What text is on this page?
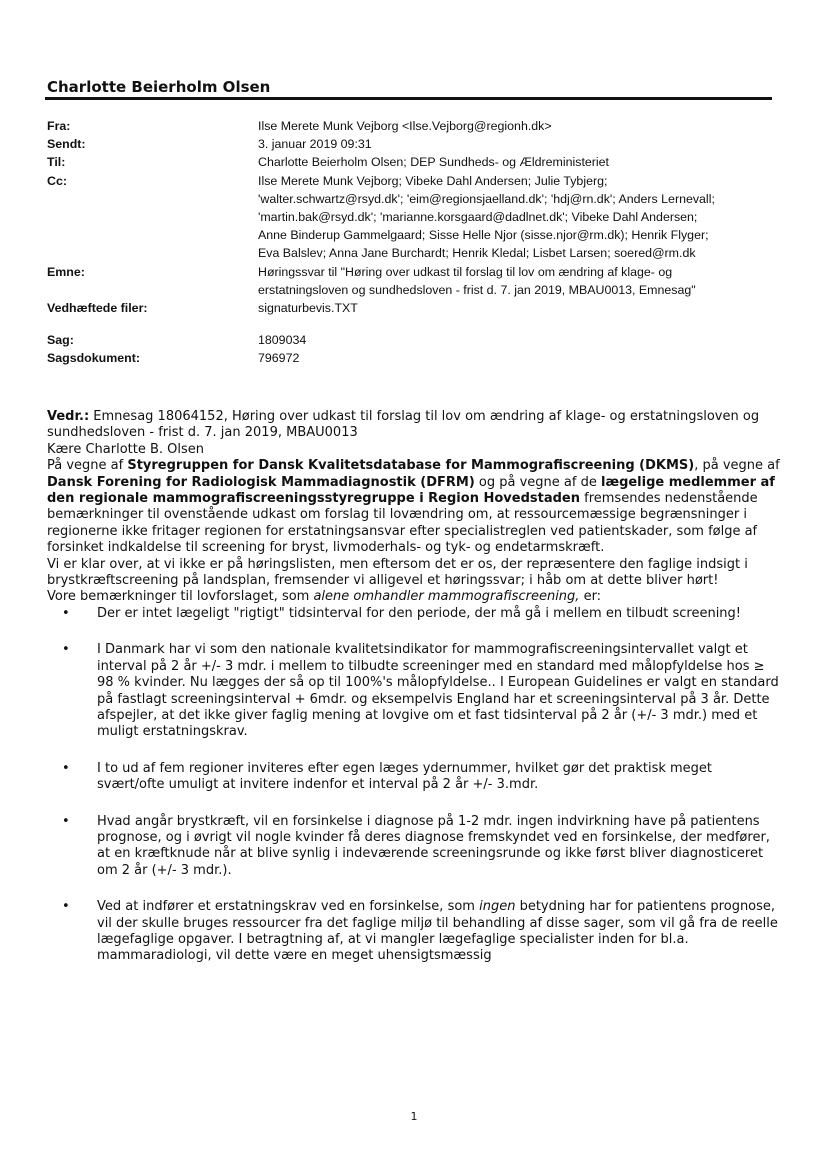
Charlotte Beierholm Olsen
Fra:	Ilse Merete Munk Vejborg <Ilse.Vejborg@regionh.dk>
Sendt:	3. januar 2019 09:31
Til:	Charlotte Beierholm Olsen; DEP Sundheds- og Ældreministeriet
Cc:	Ilse Merete Munk Vejborg; Vibeke Dahl Andersen; Julie Tybjerg;
'walter.schwartz@rsyd.dk'; 'eim@regionsjaelland.dk'; 'hdj@rn.dk'; Anders Lernevall;
'martin.bak@rsyd.dk'; 'marianne.korsgaard@dadlnet.dk'; Vibeke Dahl Andersen;
Anne Binderup Gammelgaard; Sisse Helle Njor (sisse.njor@rm.dk); Henrik Flyger;
Eva Balslev; Anna Jane Burchardt; Henrik Kledal; Lisbet Larsen; soered@rm.dk
Emne:	Høringssvar til "Høring over udkast til forslag til lov om ændring af klage- og
erstatningsloven og sundhedsloven - frist d. 7. jan 2019, MBAU0013, Emnesag"
Vedhæftede filer:	signaturbevis.TXT
Sag:	1809034
Sagsdokument:	796972

Vedr.: Emnesag 18064152, Høring over udkast til forslag til lov om ændring af klage- og erstatningsloven og sundhedsloven - frist d. 7. jan 2019, MBAU0013

Kære Charlotte B. Olsen

På vegne af Styregruppen for Dansk Kvalitetsdatabase for Mammografiscreening (DKMS), på vegne af Dansk Forening for Radiologisk Mammadiagnostik (DFRM) og på vegne af de lægelige medlemmer af den regionale mammografiscreeningsstyregruppe i Region Hovedstaden fremsendes nedenstående bemærkninger til ovenstående udkast om forslag til lovændring om, at ressourcemæssige begrænsninger i regionerne ikke fritager regionen for erstatningsansvar efter specialistreglen ved patientskader, som følge af forsinket indkaldelse til screening for bryst, livmoderhals- og tyk- og endetarmskræft.

Vi er klar over, at vi ikke er på høringslisten, men eftersom det er os, der repræsentere den faglige indsigt i brystkræftscreening på landsplan, fremsender vi alligevel et høringssvar; i håb om at dette bliver hørt!

Vore bemærkninger til lovforslaget, som alene omhandler mammografiscreening, er:

• Der er intet lægeligt "rigtigt" tidsinterval for den periode, der må gå i mellem en tilbudt screening!
• I Danmark har vi som den nationale kvalitetsindikator for mammografiscreeningsintervallet valgt et interval på 2 år +/- 3 mdr. i mellem to tilbudte screeninger med en standard med målopfyldelse hos ≥ 98 % kvinder. Nu lægges der så op til 100%'s målopfyldelse.. I European Guidelines er valgt en standard på fastlagt screeningsinterval + 6mdr. og eksempelvis England har et screeningsinterval på 3 år. Dette afspejler, at det ikke giver faglig mening at lovgive om et fast tidsinterval på 2 år (+/- 3 mdr.) med et muligt erstatningskrav.
• I to ud af fem regioner inviteres efter egen læges ydernummer, hvilket gør det praktisk meget svært/ofte umuligt at invitere indenfor et interval på 2 år +/- 3.mdr.
• Hvad angår brystkræft, vil en forsinkelse i diagnose på 1-2 mdr. ingen indvirkning have på patientens prognose, og i øvrigt vil nogle kvinder få deres diagnose fremskyndet ved en forsinkelse, der medfører, at en kræftknude når at blive synlig i indeværende screeningsrunde og ikke først bliver diagnosticeret om 2 år (+/- 3 mdr.).
• Ved at indfører et erstatningskrav ved en forsinkelse, som ingen betydning har for patientens prognose, vil der skulle bruges ressourcer fra det faglige miljø til behandling af disse sager, som vil gå fra de reelle lægefaglige opgaver. I betragtning af, at vi mangler lægefaglige specialister inden for bl.a. mammaradiologi, vil dette være en meget uhensigtsmæssig
1
